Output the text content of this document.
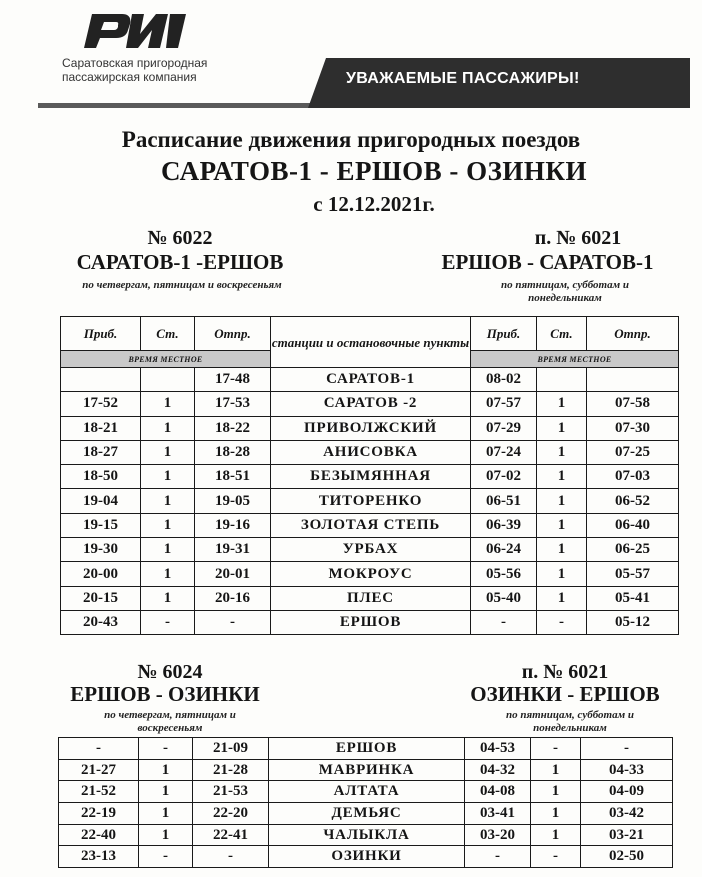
Саратовская пригородная
пассажирская компания	УВАЖАЕМЫЕ ПАССАЖИРЫ!
Расписание движения пригородных поездов
САРАТОВ-1 - ЕРШОВ - ОЗИНКИ
с 12.12.2021г.
№ 6022
САРАТОВ-1 -ЕРШОВ
по четвергам, пятницам и воскресеньям
п. № 6021
ЕРШОВ - САРАТОВ-1
по пятницам, субботам и понедельникам
Приб.	Ст.	Отпр.	станции и остановочные пункты	Приб.	Ст.	Отпр.
ВРЕМЯ МЕСТНОЕ				ВРЕМЯ МЕСТНОЕ		
		17-48	САРАТОВ-1	08-02		
17-52	1	17-53	САРАТОВ -2	07-57	1	07-58
18-21	1	18-22	ПРИВОЛЖСКИЙ	07-29	1	07-30
18-27	1	18-28	АНИСОВКА	07-24	1	07-25
18-50	1	18-51	БЕЗЫМЯННАЯ	07-02	1	07-03
19-04	1	19-05	ТИТОРЕНКО	06-51	1	06-52
19-15	1	19-16	ЗОЛОТАЯ СТЕПЬ	06-39	1	06-40
19-30	1	19-31	УРБАХ	06-24	1	06-25
20-00	1	20-01	МОКРОУС	05-56	1	05-57
20-15	1	20-16	ПЛЕС	05-40	1	05-41
20-43	-	-	ЕРШОВ	-	-	05-12
№ 6024
ЕРШОВ - ОЗИНКИ
по четвергам, пятницам и воскресеньям
п. № 6021
ОЗИНКИ - ЕРШОВ
по пятницам, субботам и понедельникам
-	-	21-09	ЕРШОВ	04-53	-	-
21-27	1	21-28	МАВРИНКА	04-32	1	04-33
21-52	1	21-53	АЛТАТА	04-08	1	04-09
22-19	1	22-20	ДЕМЬЯС	03-41	1	03-42
22-40	1	22-41	ЧАЛЫКЛА	03-20	1	03-21
23-13	-	-	ОЗИНКИ	-	-	02-50
